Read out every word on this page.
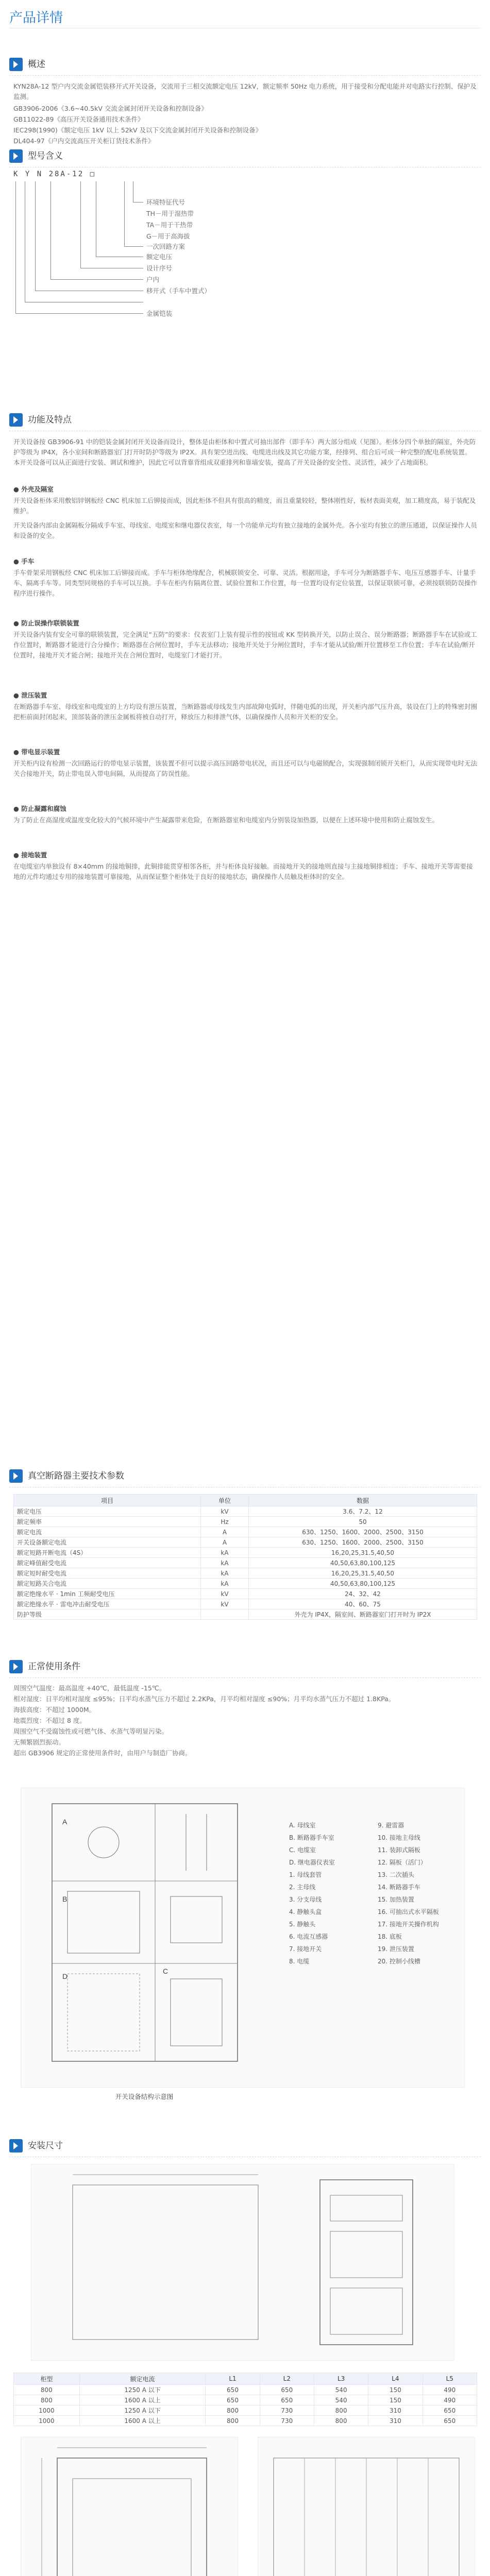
产品详情
概述

KYN28A-12 型户内交流金属铠装移开式开关设备，交流用于三相交流额定电压 12kV，额定频率 50Hz 电力系统，用于接受和分配电能并对电路实行控制、保护及监测。

GB3906-2006《3.6~40.5kV 交流金属封闭开关设备和控制设备》
GB11022-89《高压开关设备通用技术条件》
IEC298(1990)《额定电压 1kV 以上 52kV 及以下交流金属封闭开关设备和控制设备》
DL404-97《户内交流高压开关柜订货技术条件》
型号含义
K Y N 28A-12 □
环境特征代号
TH－用于湿热带
TA－用于干热带
G－用于高海拔
一次回路方案
额定电压
设计序号
户内
移开式（手车中置式）
金属铠装
功能及特点

开关设备按 GB3906-91 中的铠装金属封闭开关设备而设计，整体是由柜体和中置式可抽出部件（即手车）两大部分组成（见图）。柜体分四个单独的隔室，外壳防护等级为 IP4X，各小室间和断路器室门打开时防护等级为 IP2X。具有架空进出线、电缆进出线及其它功能方案，经排列、组合后可成一种完整的配电系统装置。本开关设备可以从正面进行安装、调试和维护，因此它可以背靠背组成双重排列和靠墙安装，提高了开关设备的安全性、灵活性，减少了占地面积。

● 外壳及隔室

开关设备柜体采用敷铝锌钢板经 CNC 机床加工后铆接而成，因此柜体不但具有很高的精度，而且重量较轻，整体刚性好，板材表面美观，加工精度高，易于装配及维护。

开关设备内部由金属隔板分隔成手车室、母线室、电缆室和继电器仪表室，每一个功能单元均有独立接地的金属外壳。各小室均有独立的泄压通道，以保证操作人员和设备的安全。

● 手车

手车骨架采用钢板经 CNC 机床加工后铆接而成。手车与柜体绝缘配合，机械联锁安全、可靠、灵活。根据用途，手车可分为断路器手车、电压互感器手车、计量手车、隔离手车等。同类型同规格的手车可以互换。手车在柜内有隔离位置、试验位置和工作位置，每一位置均设有定位装置，以保证联锁可靠，必须按联锁防误操作程序进行操作。

● 防止误操作联锁装置

开关设备内装有安全可靠的联锁装置，完全满足“五防”的要求：仪表室门上装有提示性的按钮或 KK 型转换开关，以防止误合、误分断路器；断路器手车在试验或工作位置时，断路器才能进行合分操作；断路器在合闸位置时，手车无法移动；接地开关处于分闸位置时，手车才能从试验/断开位置移至工作位置；手车在试验/断开位置时，接地开关才能合闸；接地开关在合闸位置时，电缆室门才能打开。

● 泄压装置

在断路器手车室、母线室和电缆室的上方均设有泄压装置，当断路器或母线发生内部故障电弧时，伴随电弧的出现，开关柜内部气压升高，装设在门上的特殊密封圈把柜前面封闭起来，顶部装备的泄压金属板将被自动打开，释放压力和排泄气体，以确保操作人员和开关柜的安全。

● 带电显示装置

开关柜内设有检测一次回路运行的带电显示装置，该装置不但可以提示高压回路带电状况，而且还可以与电磁锁配合，实现强制闭锁开关柜门，从而实现带电时无法关合接地开关，防止带电误入带电间隔，从而提高了防误性能。

● 防止凝露和腐蚀

为了防止在高湿度或温度变化较大的气候环境中产生凝露带来危险，在断路器室和电缆室内分别装设加热器，以便在上述环境中使用和防止腐蚀发生。

● 接地装置

在电缆室内单独设有 8×40mm 的接地铜排，此铜排能贯穿相邻各柜，并与柜体良好接触。而接地开关的接地则直接与主接地铜排相连；手车、接地开关等需要接地的元件均通过专用的接地装置可靠接地，从而保证整个柜体处于良好的接地状态，确保操作人员触及柜体时的安全。

真空断路器主要技术参数
项目	单位	数据
额定电压	kV	3.6、7.2、12
额定频率	Hz	50
额定电流	A	630、1250、1600、2000、2500、3150
开关设备额定电流	A	630、1250、1600、2000、2500、3150
额定短路开断电流（4S）	kA	16,20,25,31.5,40,50
额定峰值耐受电流	kA	40,50,63,80,100,125
额定短时耐受电流	kA	16,20,25,31.5,40,50
额定短路关合电流	kA	40,50,63,80,100,125
额定绝缘水平 · 1min 工频耐受电压	kV	24、32、42
额定绝缘水平 · 雷电冲击耐受电压	kV	40、60、75
防护等级		外壳为 IP4X，隔室间、断路器室门打开时为 IP2X
正常使用条件
周围空气温度：最高温度 +40℃，最低温度 -15℃。
相对湿度：日平均相对湿度 ≤95%；日平均水蒸气压力不超过 2.2KPa，月平均相对湿度 ≤90%；月平均水蒸气压力不超过 1.8KPa。
海拔高度：不超过 1000M。
地震烈度：不超过 8 度。
周围空气不受腐蚀性或可燃气体、水蒸气等明显污染。
无频繁剧烈振动。
超出 GB3906 规定的正常使用条件时，由用户与制造厂协商。
A
B
C
D
A. 母线室
B. 断路器手车室
C. 电缆室
D. 继电器仪表室
1. 母线套管
2. 主母线
3. 分支母线
4. 静触头盒
5. 静触头
6. 电流互感器
7. 接地开关
8. 电缆
9. 避雷器
10. 接地主母线
11. 装卸式隔板
12. 隔板（活门）
13. 二次插头
14. 断路器手车
15. 加热装置
16. 可抽出式水平隔板
17. 接地开关操作机构
18. 底板
19. 泄压装置
20. 控制小线槽
开关设备结构示意图
安装尺寸
柜型	额定电流	L1	L2	L3	L4	L5
800	1250 A 以下	650	650	540	150	490
800	1600 A 以上	650	650	540	150	490
1000	1250 A 以下	800	730	800	310	650
1000	1600 A 以上	800	730	800	310	650
